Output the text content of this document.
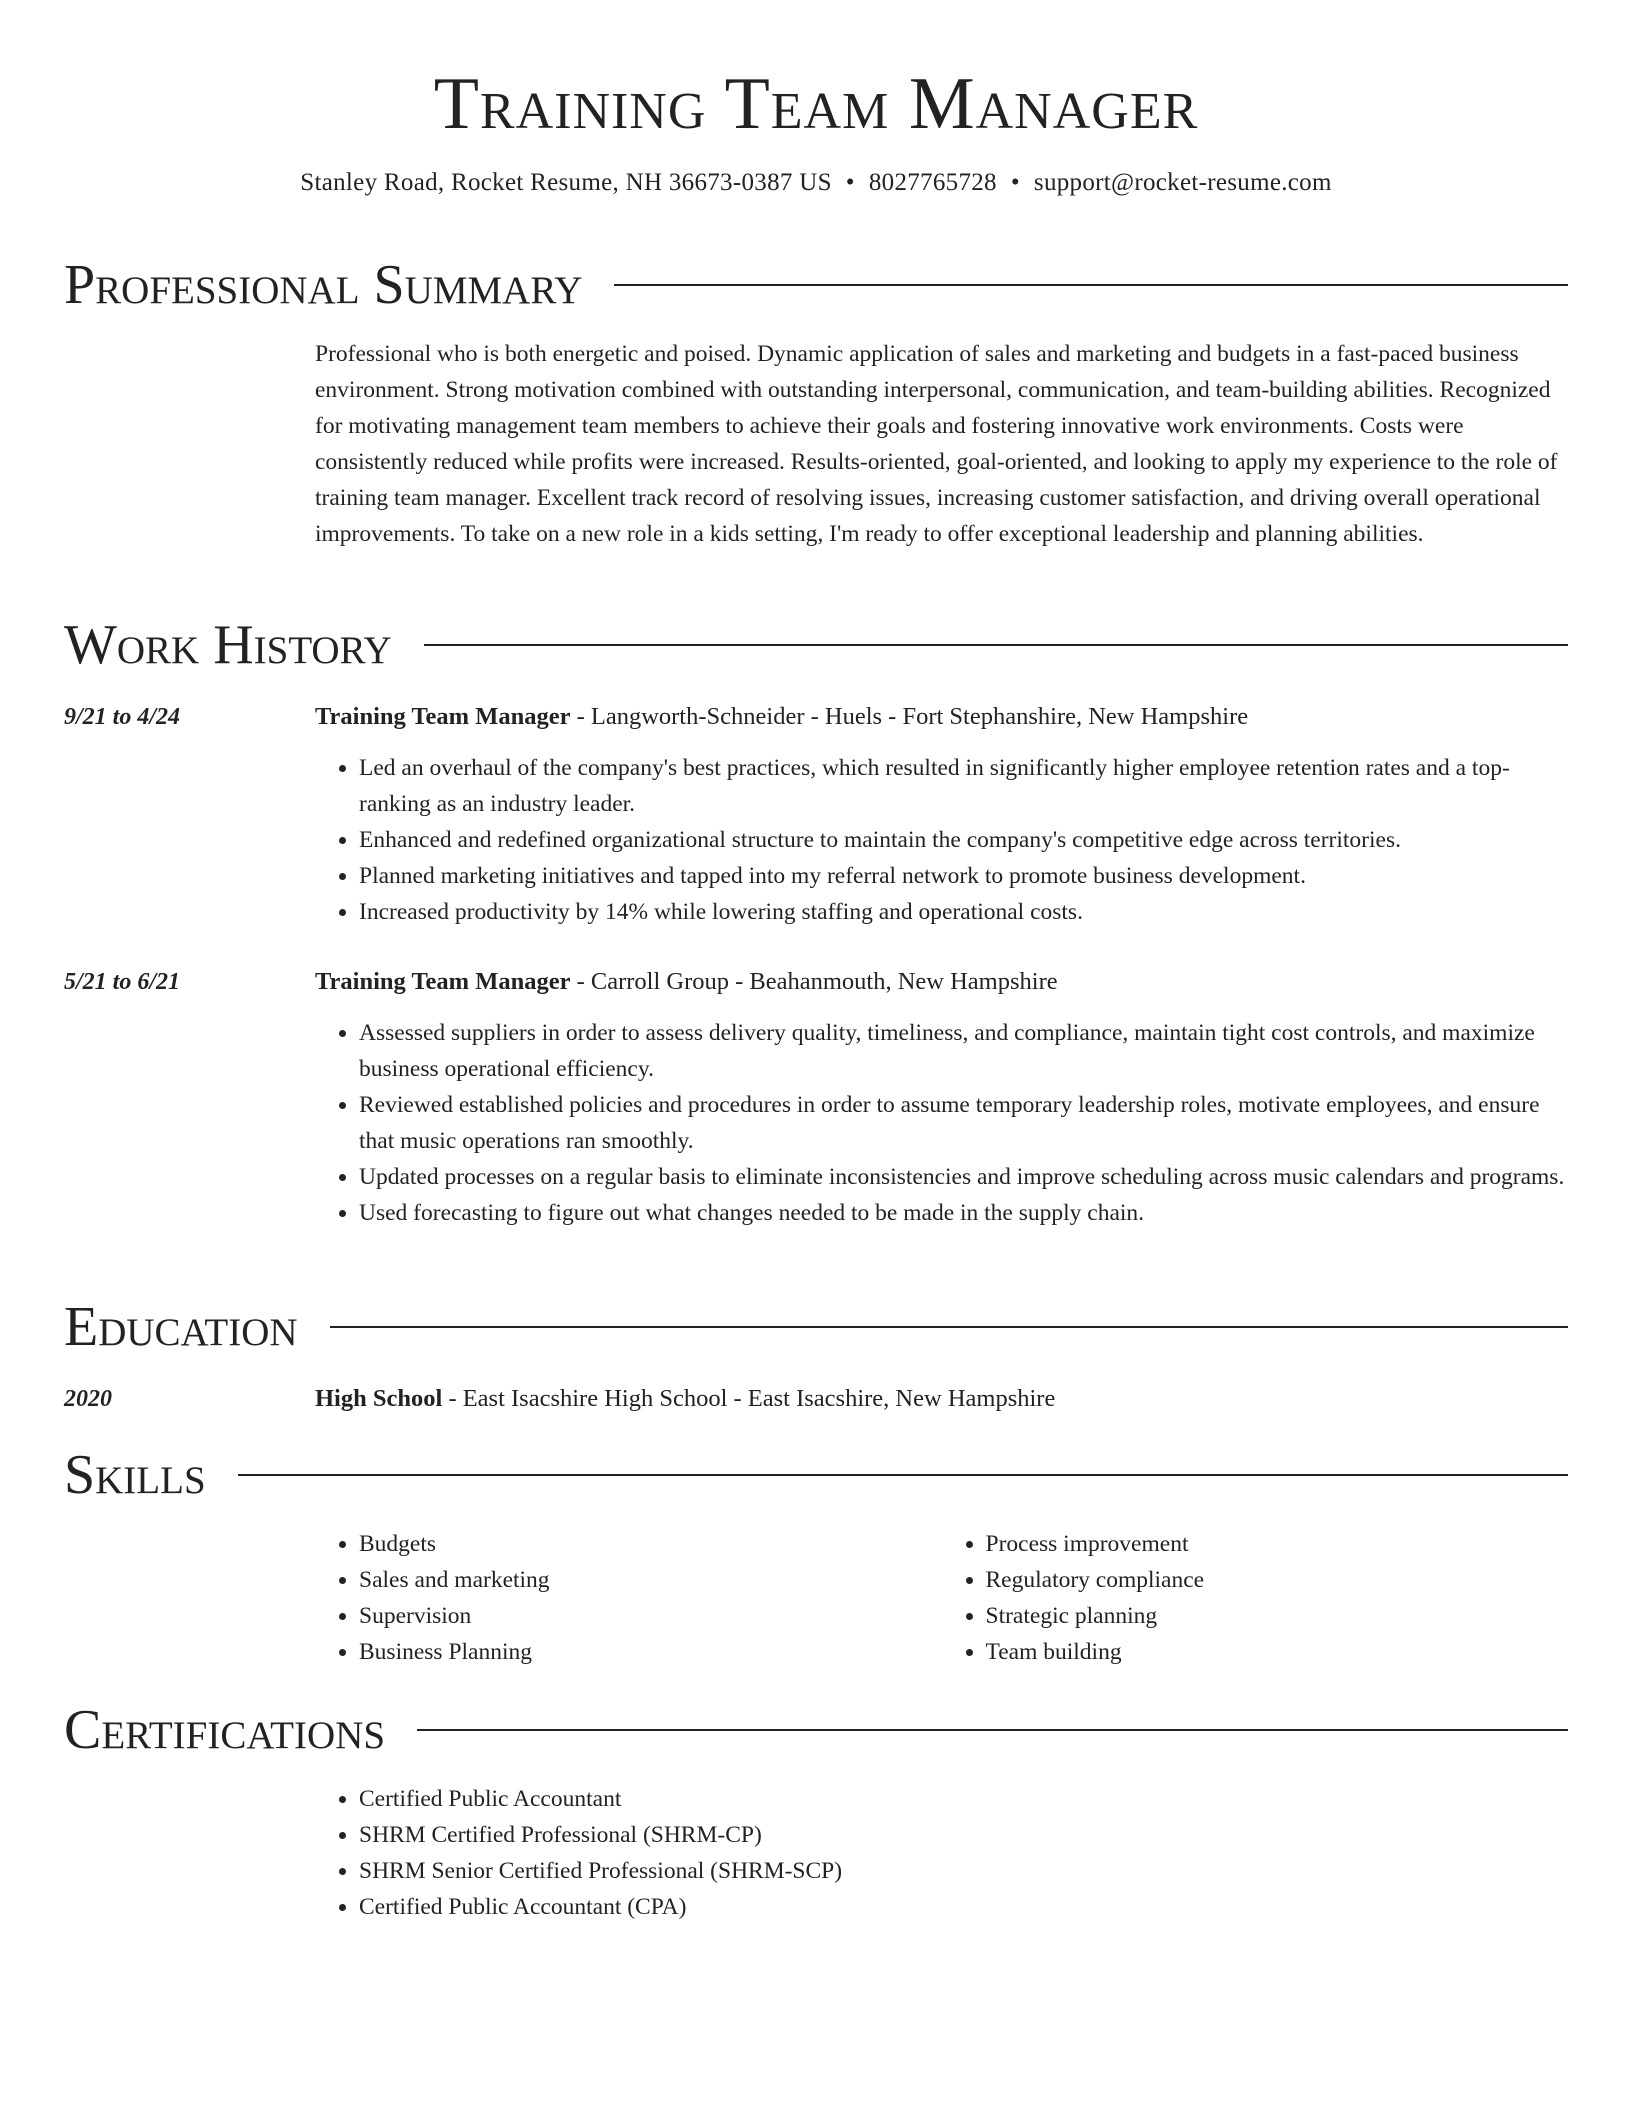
Training Team Manager
Stanley Road, Rocket Resume, NH 36673-0387 US • 8027765728 • support@rocket-resume.com
Professional Summary

Professional who is both energetic and poised. Dynamic application of sales and marketing and budgets in a fast-paced business environment. Strong motivation combined with outstanding interpersonal, communication, and team-building abilities. Recognized for motivating management team members to achieve their goals and fostering innovative work environments. Costs were consistently reduced while profits were increased. Results-oriented, goal-oriented, and looking to apply my experience to the role of training team manager. Excellent track record of resolving issues, increasing customer satisfaction, and driving overall operational improvements. To take on a new role in a kids setting, I'm ready to offer exceptional leadership and planning abilities.

Work History
9/21 to 4/24	Training Team Manager - Langworth-Schneider - Huels - Fort Stephanshire, New Hampshire
• Led an overhaul of the company's best practices, which resulted in significantly higher employee retention rates and a top-ranking as an industry leader.
• Enhanced and redefined organizational structure to maintain the company's competitive edge across territories.
• Planned marketing initiatives and tapped into my referral network to promote business development.
• Increased productivity by 14% while lowering staffing and operational costs.
5/21 to 6/21	Training Team Manager - Carroll Group - Beahanmouth, New Hampshire
• Assessed suppliers in order to assess delivery quality, timeliness, and compliance, maintain tight cost controls, and maximize business operational efficiency.
• Reviewed established policies and procedures in order to assume temporary leadership roles, motivate employees, and ensure that music operations ran smoothly.
• Updated processes on a regular basis to eliminate inconsistencies and improve scheduling across music calendars and programs.
• Used forecasting to figure out what changes needed to be made in the supply chain.
Education
2020	High School - East Isacshire High School - East Isacshire, New Hampshire
Skills
• Budgets
• Sales and marketing
• Supervision
• Business Planning
• Process improvement
• Regulatory compliance
• Strategic planning
• Team building
Certifications
• Certified Public Accountant
• SHRM Certified Professional (SHRM-CP)
• SHRM Senior Certified Professional (SHRM-SCP)
• Certified Public Accountant (CPA)
